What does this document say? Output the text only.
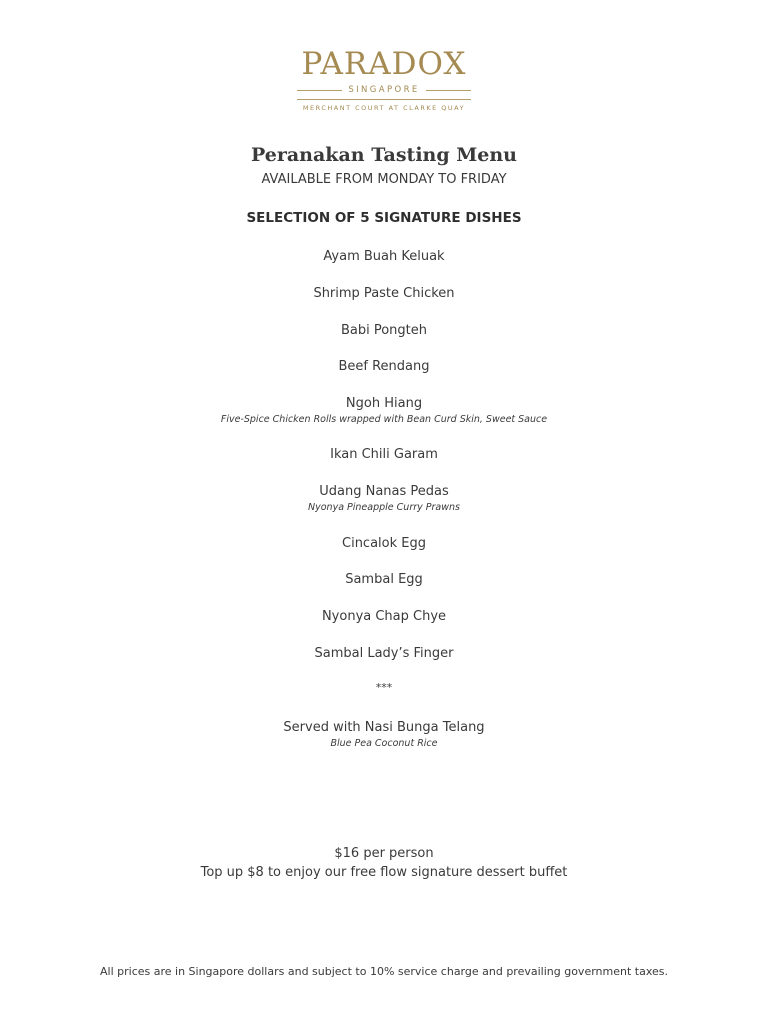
PARADOX
SINGAPORE
MERCHANT COURT AT CLARKE QUAY
Peranakan Tasting Menu
AVAILABLE FROM MONDAY TO FRIDAY
SELECTION OF 5 SIGNATURE DISHES
Ayam Buah Keluak
Shrimp Paste Chicken
Babi Pongteh
Beef Rendang
Ngoh Hiang
Five-Spice Chicken Rolls wrapped with Bean Curd Skin, Sweet Sauce
Ikan Chili Garam
Udang Nanas Pedas
Nyonya Pineapple Curry Prawns
Cincalok Egg
Sambal Egg
Nyonya Chap Chye
Sambal Lady’s Finger
Served with Nasi Bunga Telang
Blue Pea Coconut Rice
***
$16 per person
Top up $8 to enjoy our free flow signature dessert buffet
All prices are in Singapore dollars and subject to 10% service charge and prevailing government taxes.
